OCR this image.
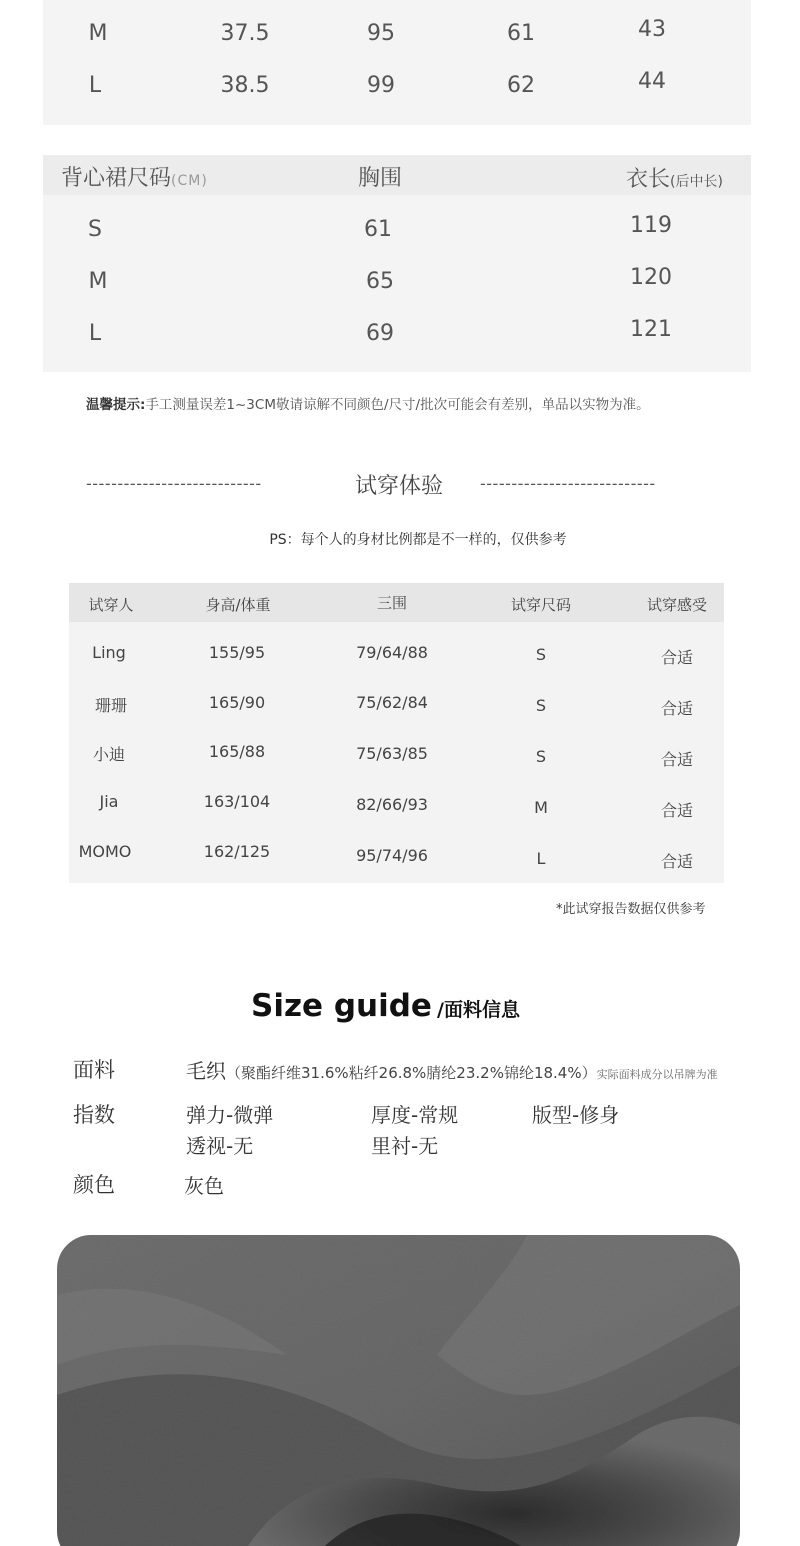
M	37.5	95	61	43
L	38.5	99	62	44
背心裙尺码(CM)	胸围	衣长(后中长)
S	61	119
M	65	120
L	69	121
温馨提示:手工测量误差1~3CM敬请谅解不同颜色/尺寸/批次可能会有差别，单品以实物为准。
----------------------------	试穿体验 ----------------------------
PS：每个人的身材比例都是不一样的，仅供参考
试穿人	身高/体重	三围	试穿尺码	试穿感受
Ling	155/95	79/64/88	S	合适
珊珊	165/90	75/62/84	S	合适
小迪	165/88	75/63/85	S	合适
Jia	163/104	82/66/93	M	合适
MOMO	162/125	95/74/96	L	合适
*此试穿报告数据仅供参考
Size guide /面料信息
面料	毛织（聚酯纤维31.6%粘纤26.8%腈纶23.2%锦纶18.4%）实际面料成分以吊牌为准
指数	弹力-微弹	厚度-常规	版型-修身
透视-无	里衬-无
颜色	灰色
